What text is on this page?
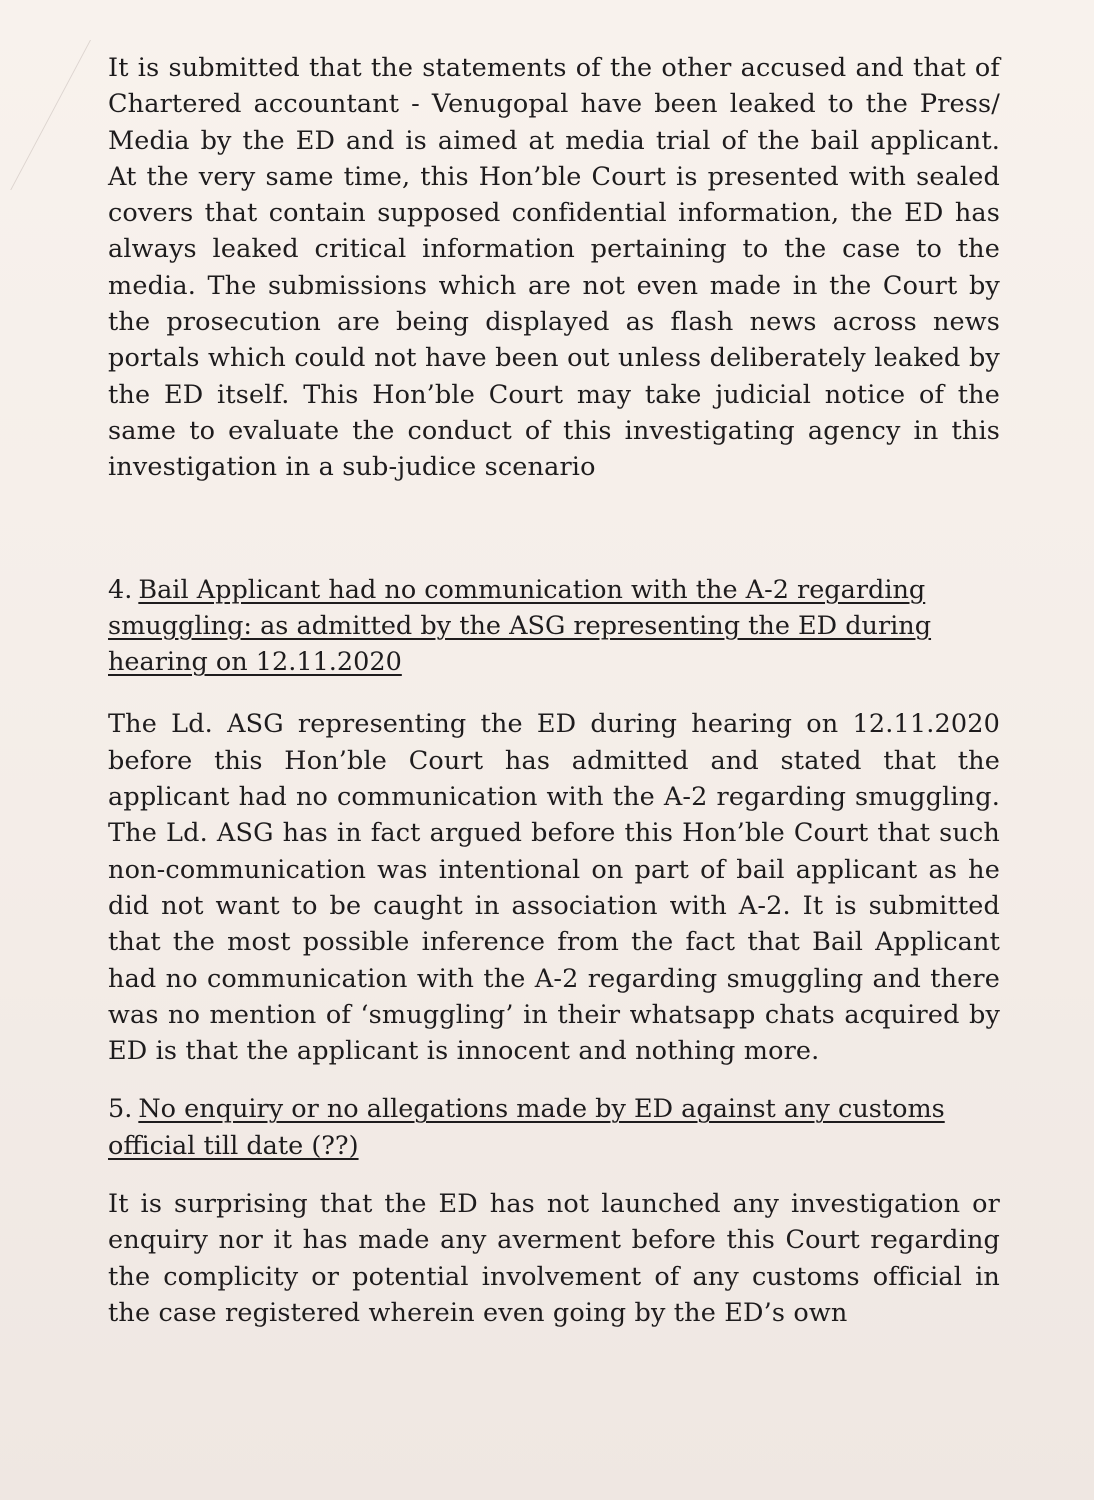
It is submitted that the statements of the other accused and that of Chartered accountant - Venugopal have been leaked to the Press/ Media by the ED and is aimed at media trial of the bail applicant. At the very same time, this Hon’ble Court is presented with sealed covers that contain supposed confidential information, the ED has always leaked critical information pertaining to the case to the media. The submissions which are not even made in the Court by the prosecution are being displayed as flash news across news portals which could not have been out unless deliberately leaked by the ED itself. This Hon’ble Court may take judicial notice of the same to evaluate the conduct of this investigating agency in this investigation in a sub-judice scenario

4. Bail Applicant had no communication with the A-2 regarding smuggling: as admitted by the ASG representing the ED during hearing on 12.11.2020

The Ld. ASG representing the ED during hearing on 12.11.2020 before this Hon’ble Court has admitted and stated that the applicant had no communication with the A-2 regarding smuggling. The Ld. ASG has in fact argued before this Hon’ble Court that such non-communication was intentional on part of bail applicant as he did not want to be caught in association with A-2. It is submitted that the most possible inference from the fact that Bail Applicant had no communication with the A-2 regarding smuggling and there was no mention of ‘smuggling’ in their whatsapp chats acquired by ED is that the applicant is innocent and nothing more.

5. No enquiry or no allegations made by ED against any customs official till date (??)

It is surprising that the ED has not launched any investigation or enquiry nor it has made any averment before this Court regarding the complicity or potential involvement of any customs official in the case registered wherein even going by the ED’s own
